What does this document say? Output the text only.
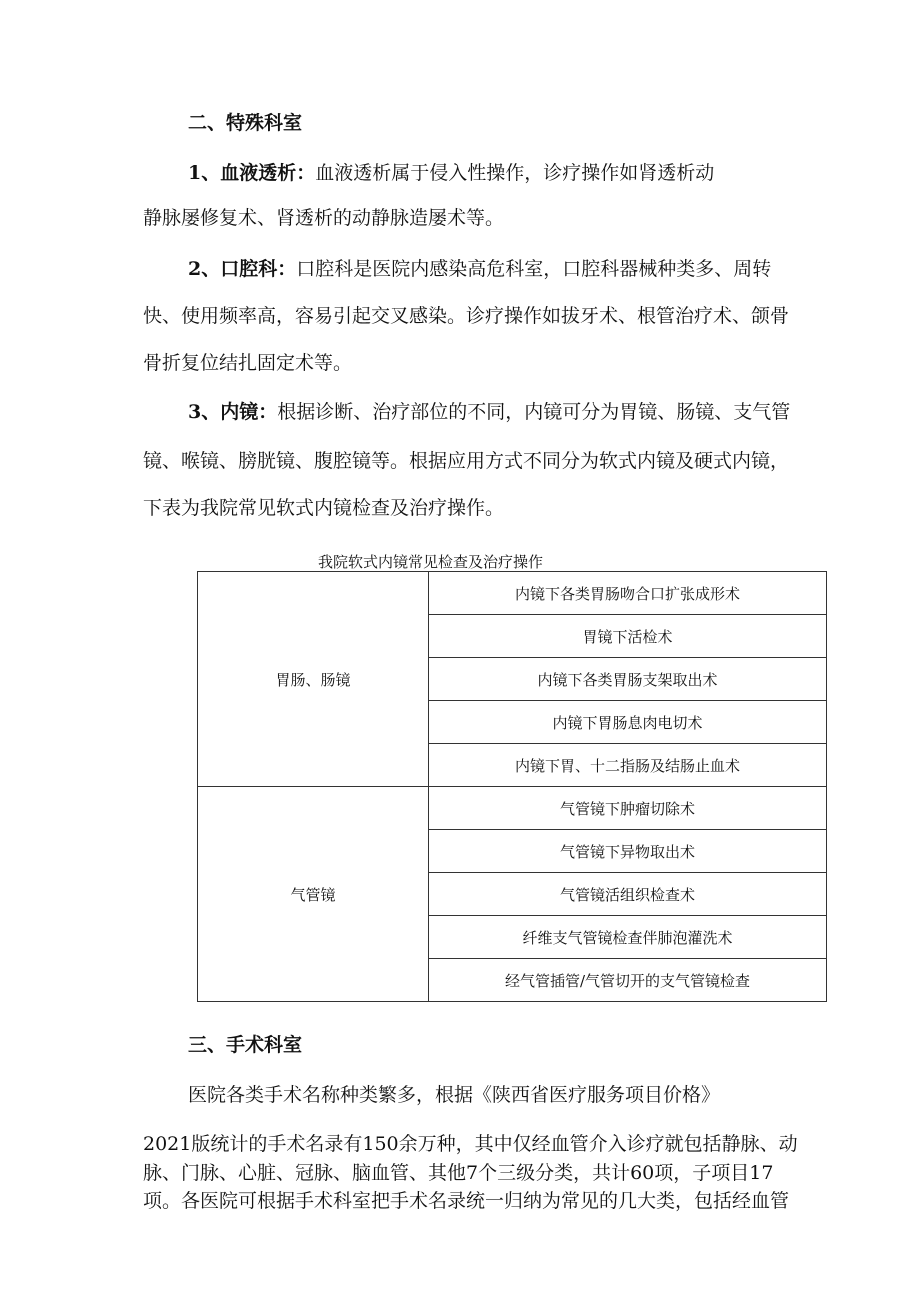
二、特殊科室
1、血液透析：血液透析属于侵入性操作，诊疗操作如肾透析动
静脉屡修复术、肾透析的动静脉造屡术等。
2、口腔科：口腔科是医院内感染高危科室，口腔科器械种类多、周转
快、使用频率高，容易引起交叉感染。诊疗操作如拔牙术、根管治疗术、颌骨
骨折复位结扎固定术等。
3、内镜：根据诊断、治疗部位的不同，内镜可分为胃镜、肠镜、支气管
镜、喉镜、膀胱镜、腹腔镜等。根据应用方式不同分为软式内镜及硬式内镜，
下表为我院常见软式内镜检查及治疗操作。
我院软式内镜常见检查及治疗操作
胃肠、肠镜	内镜下各类胃肠吻合口扩张成形术
	胃镜下活检术
	内镜下各类胃肠支架取出术
	内镜下胃肠息肉电切术
	内镜下胃、十二指肠及结肠止血术
气管镜	气管镜下肿瘤切除术
	气管镜下异物取出术
	气管镜活组织检查术
	纤维支气管镜检查伴肺泡灌洗术
	经气管插管/气管切开的支气管镜检查
三、手术科室
医院各类手术名称种类繁多，根据《陕西省医疗服务项目价格》
2021版统计的手术名录有150余万种，其中仅经血管介入诊疗就包括静脉、动
脉、门脉、心脏、冠脉、脑血管、其他7个三级分类，共计60项，子项目17
项。各医院可根据手术科室把手术名录统一归纳为常见的几大类，包括经血管
